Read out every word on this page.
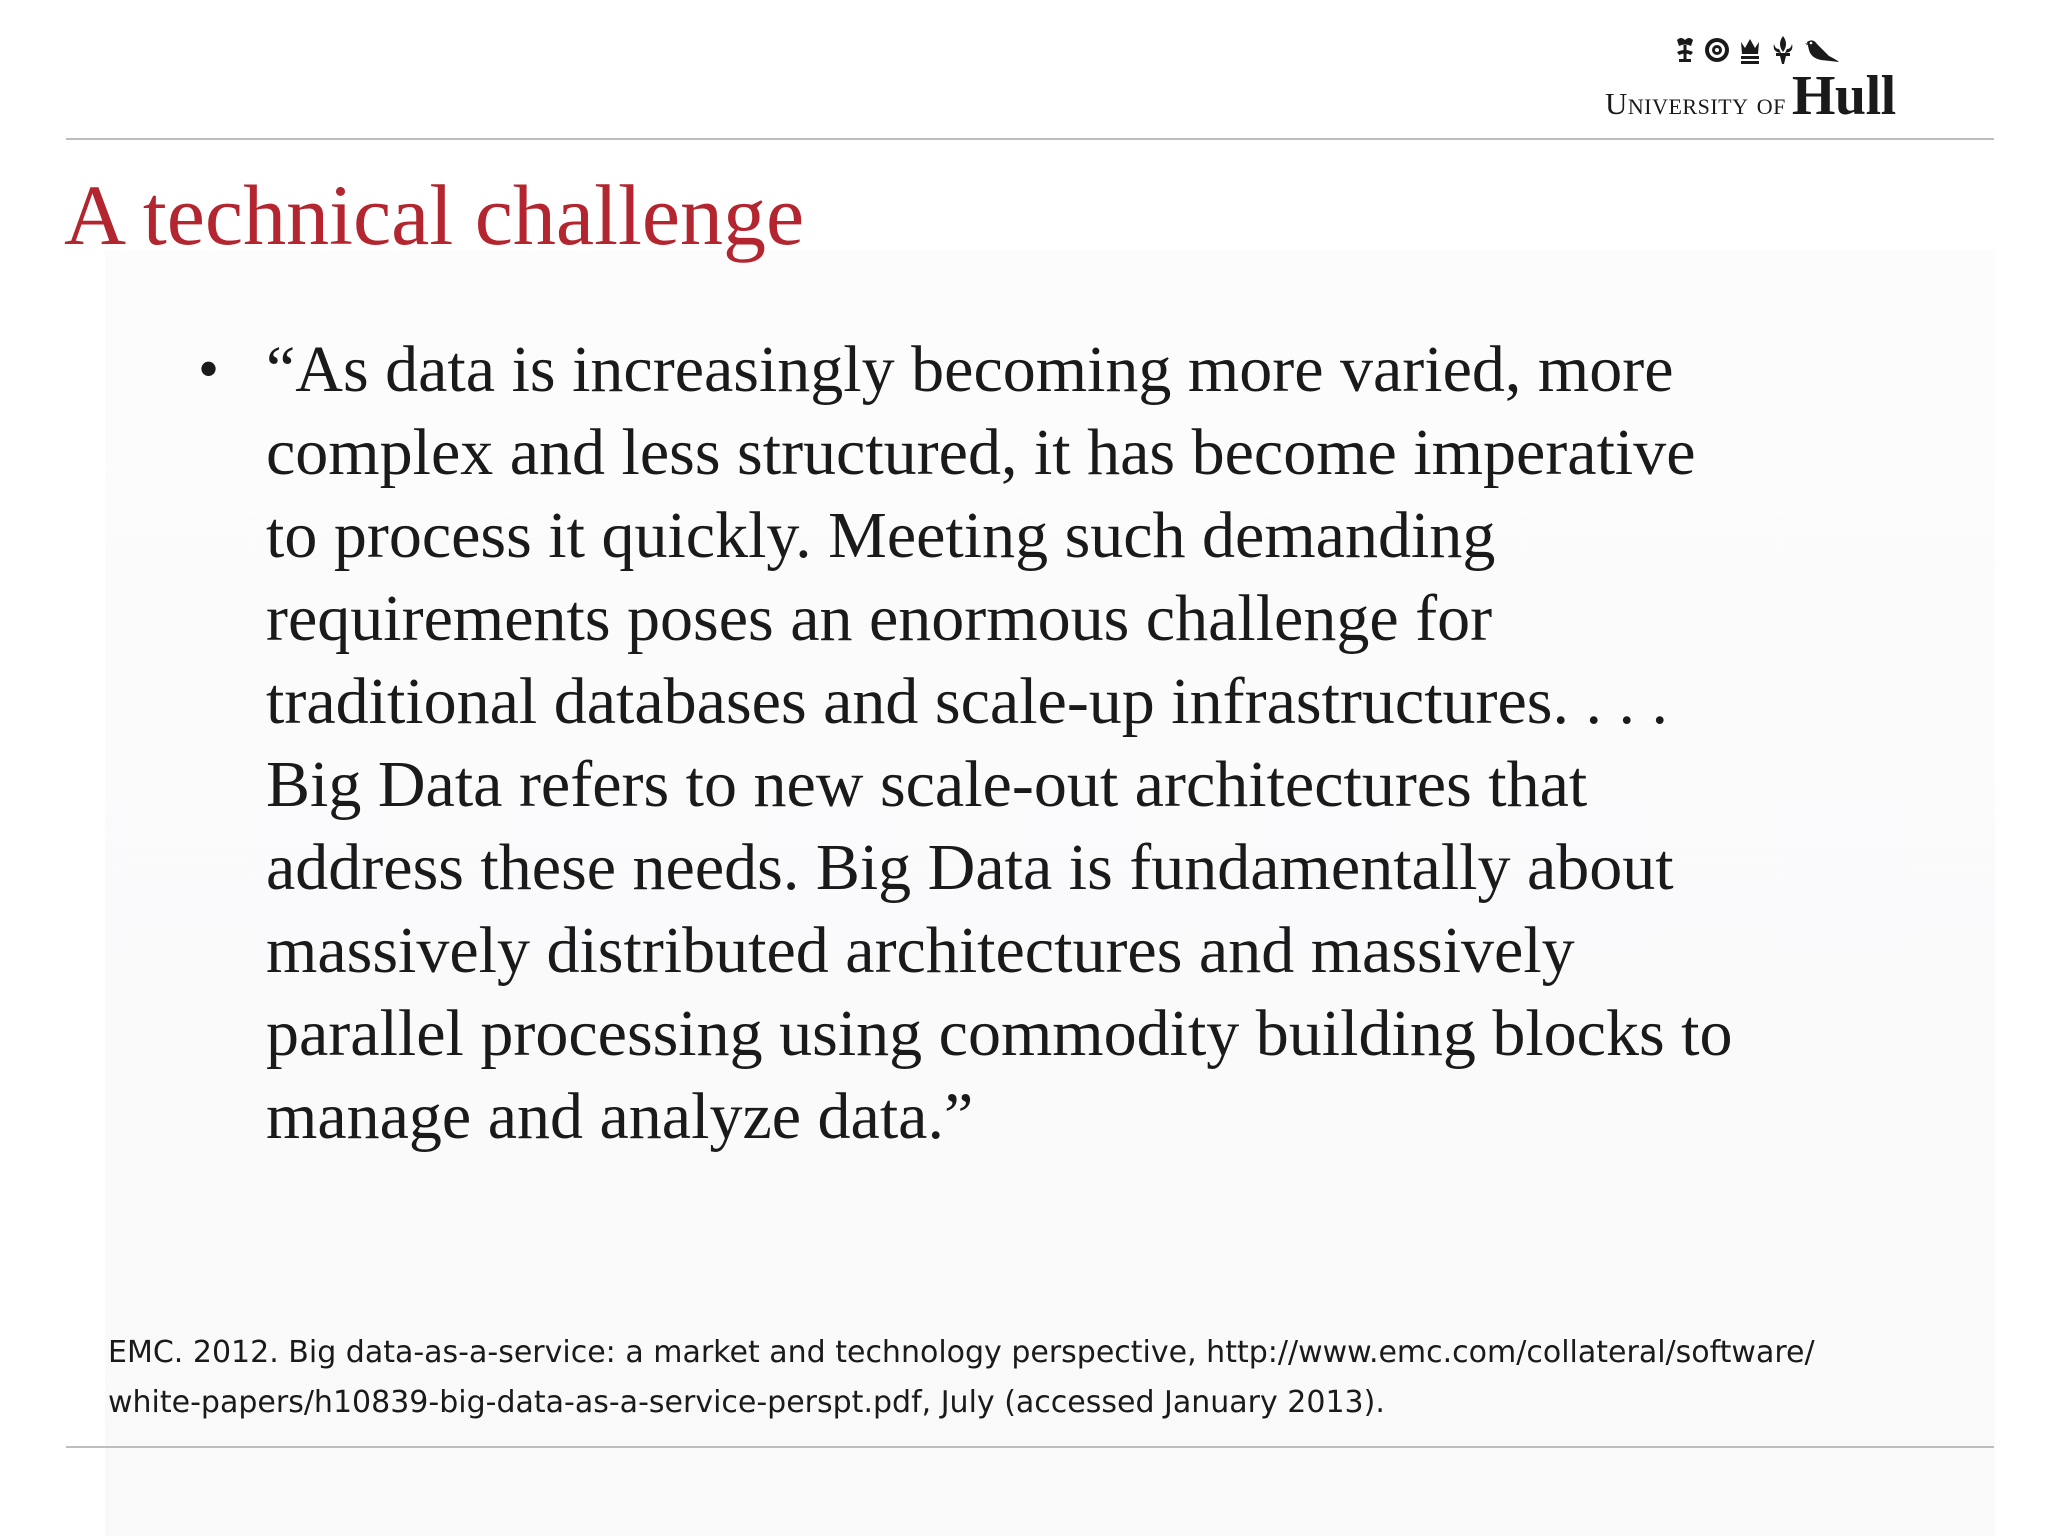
University of Hull
A technical challenge
• “As data is increasingly becoming more varied, more
complex and less structured, it has become imperative
to process it quickly. Meeting such demanding
requirements poses an enormous challenge for
traditional databases and scale-up infrastructures. . . .
Big Data refers to new scale-out architectures that
address these needs. Big Data is fundamentally about
massively distributed architectures and massively
parallel processing using commodity building blocks to
manage and analyze data.”

EMC. 2012. Big data-as-a-service: a market and technology perspective, http://www.emc.com/collateral/software/
white-papers/h10839-big-data-as-a-service-perspt.pdf, July (accessed January 2013).
